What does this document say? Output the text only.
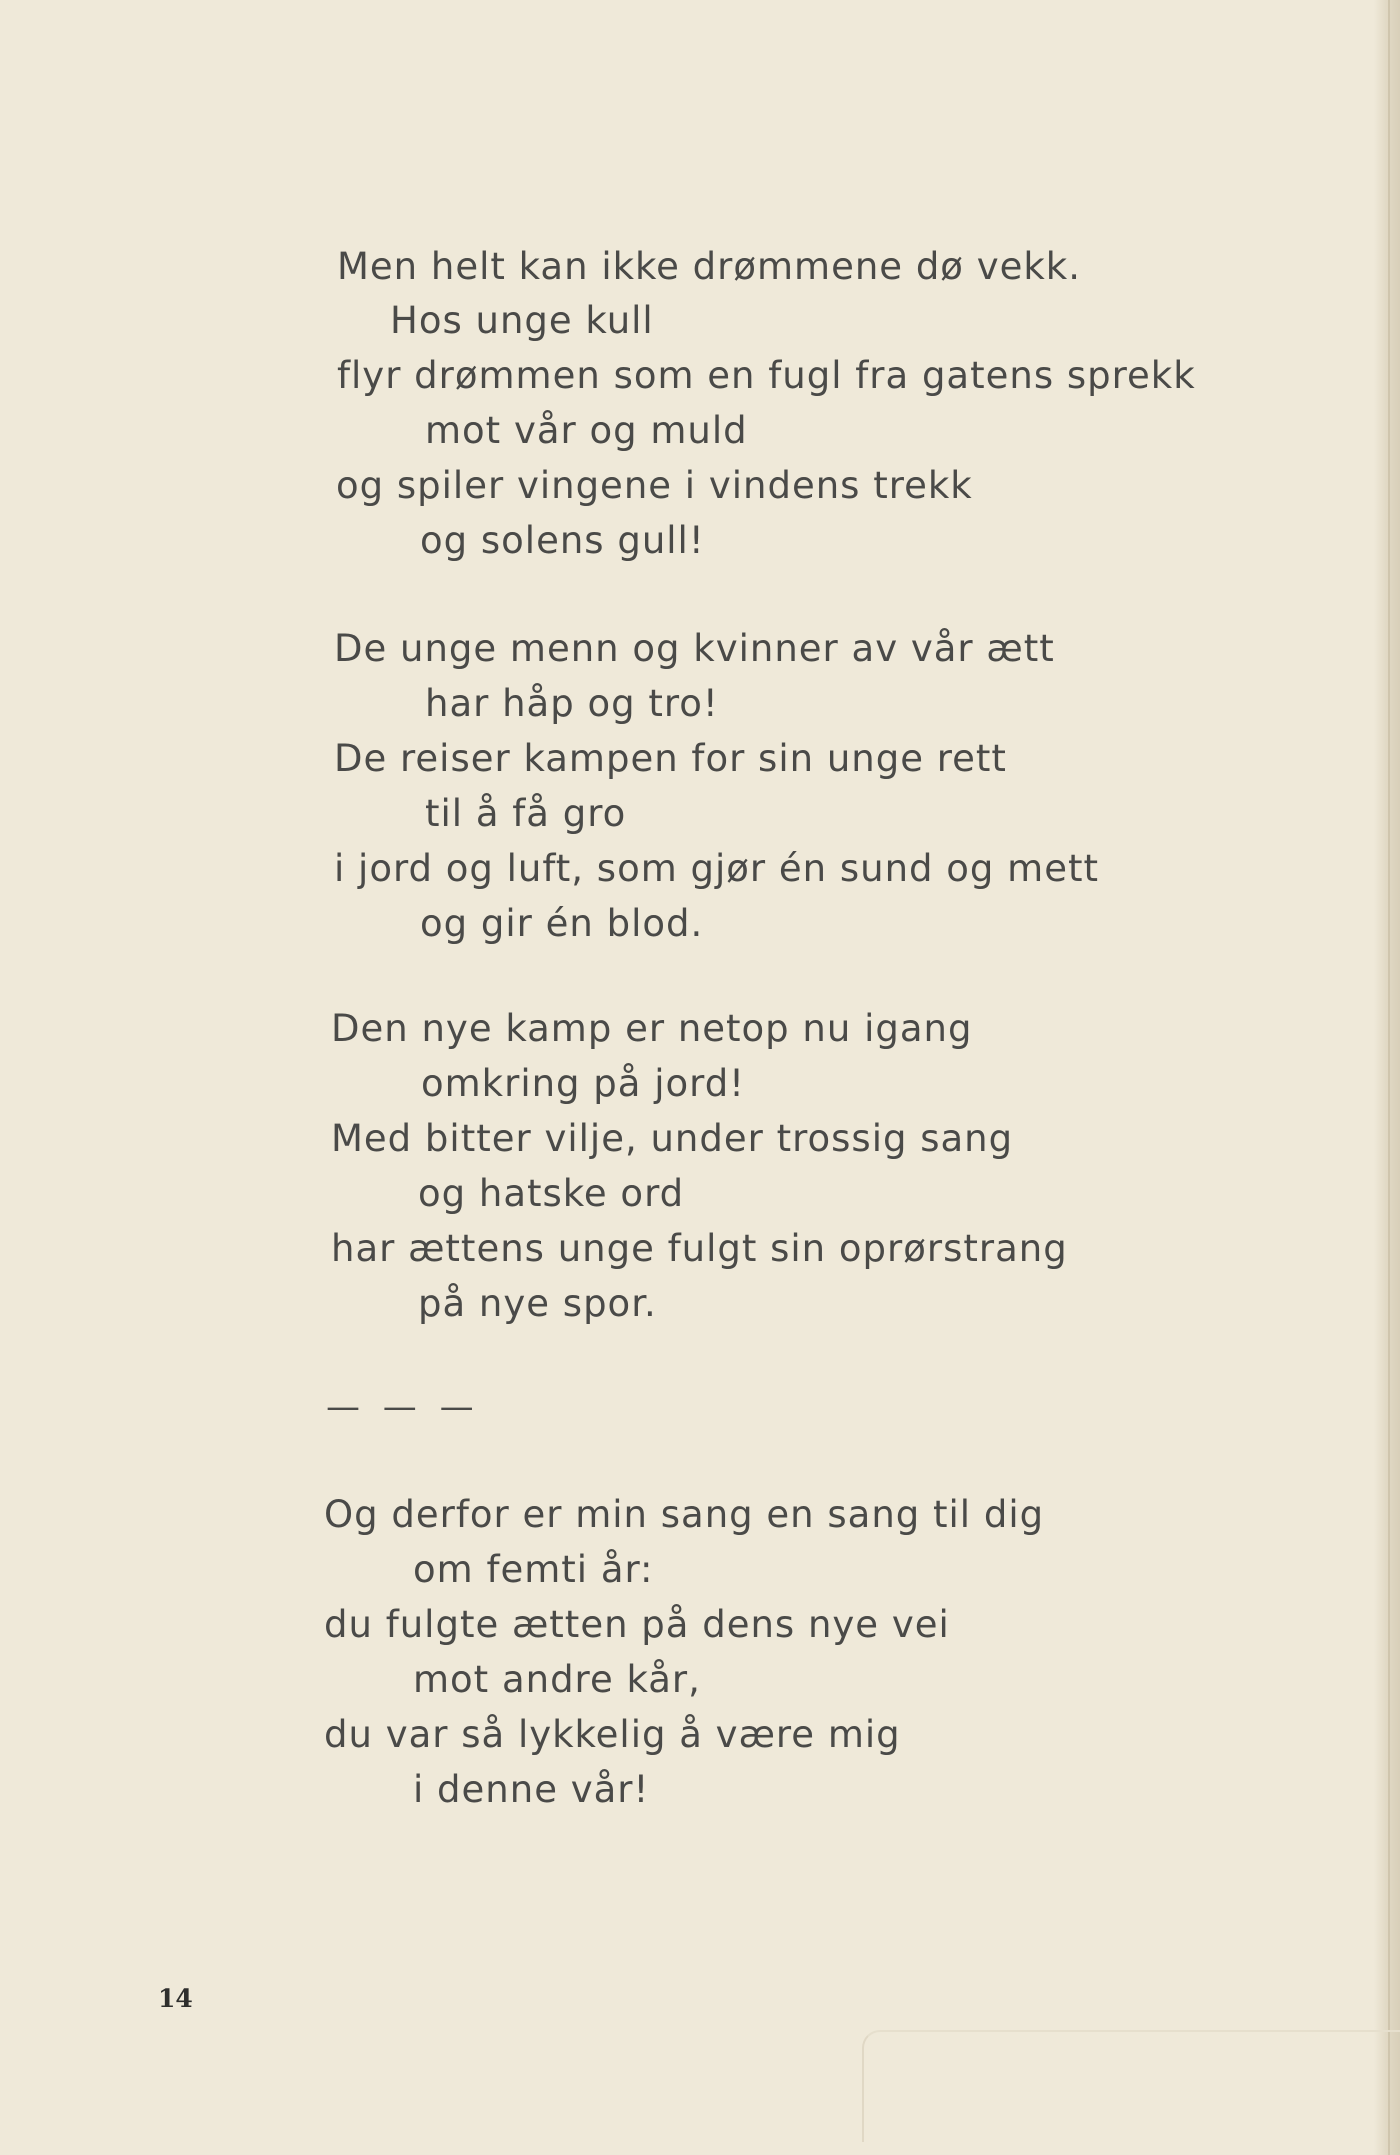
Men helt kan ikke drømmene dø vekk.
Hos unge kull
flyr drømmen som en fugl fra gatens sprekk
mot vår og muld
og spiler vingene i vindens trekk
og solens gull!
De unge menn og kvinner av vår ætt
har håp og tro!
De reiser kampen for sin unge rett
til å få gro
i jord og luft, som gjør én sund og mett
og gir én blod.
Den nye kamp er netop nu igang
omkring på jord!
Med bitter vilje, under trossig sang
og hatske ord
har ættens unge fulgt sin oprørstrang
på nye spor.
— — —
Og derfor er min sang en sang til dig
om femti år:
du fulgte ætten på dens nye vei
mot andre kår,
du var så lykkelig å være mig
i denne vår!
14
